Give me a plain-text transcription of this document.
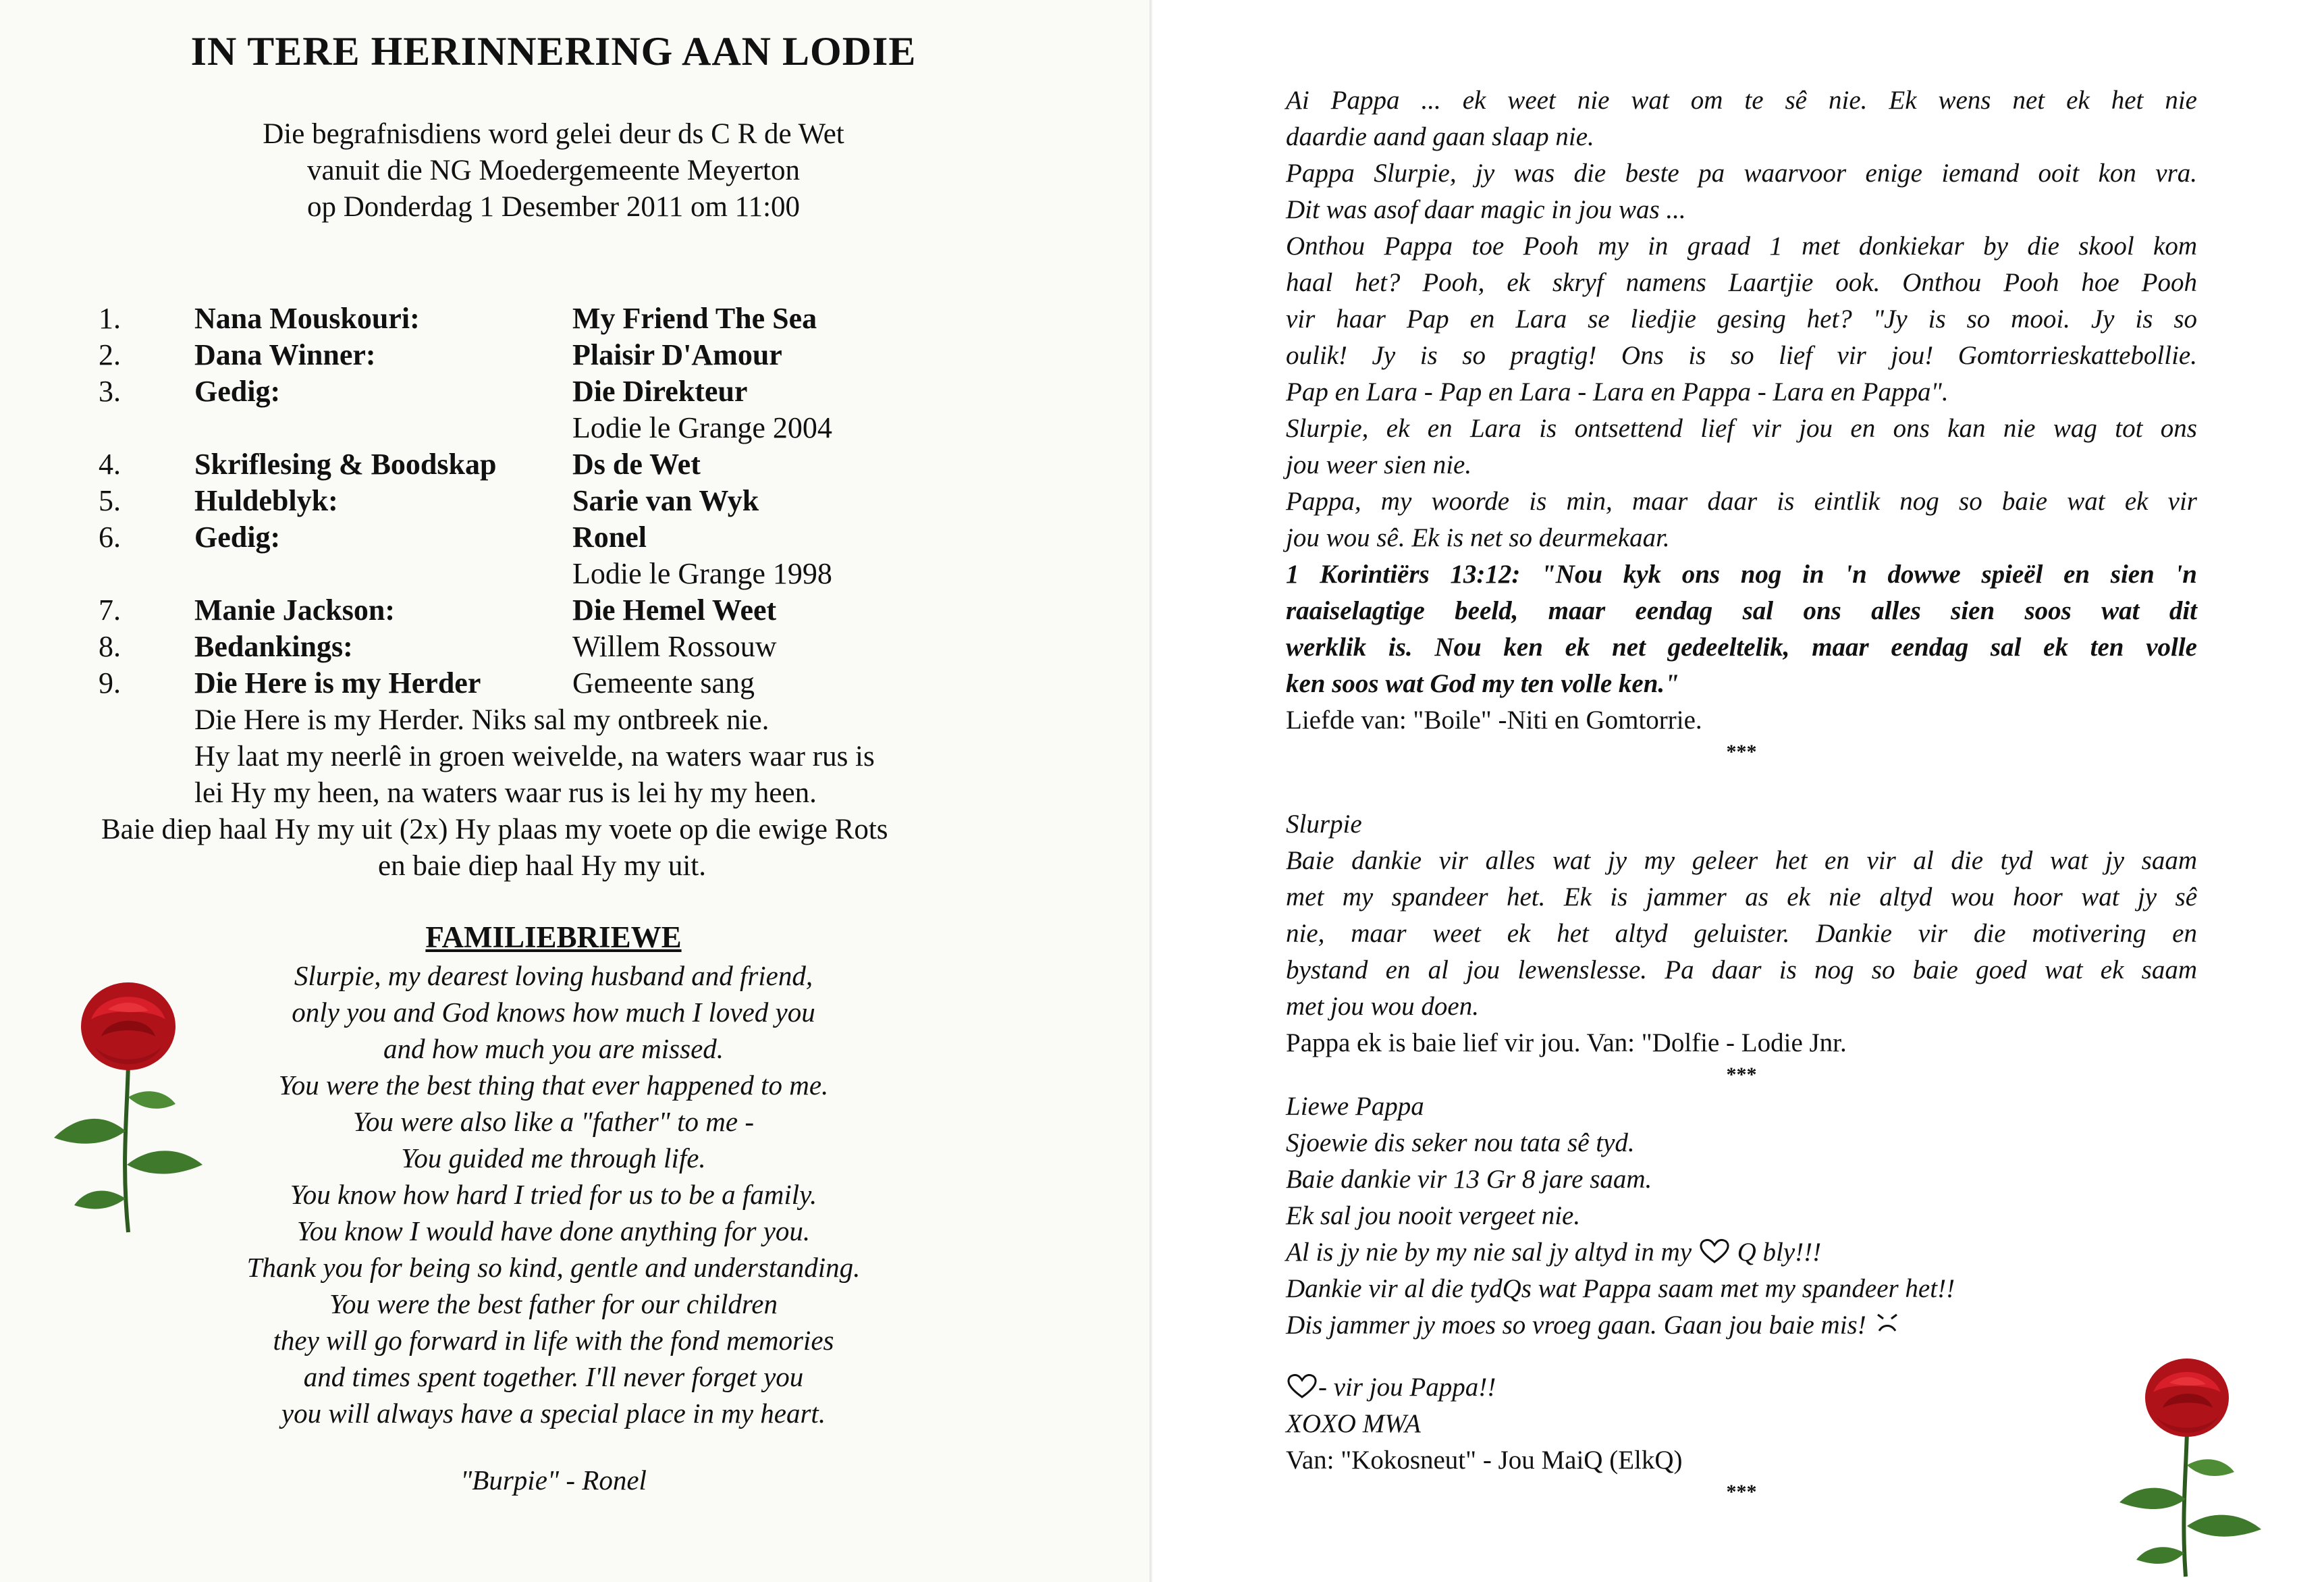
IN TERE HERINNERING AAN LODIE
Die begrafnisdiens word gelei deur ds C R de Wet
vanuit die NG Moedergemeente Meyerton
op Donderdag 1 Desember 2011 om 11:00
1. Nana Mouskouri:	My Friend The Sea
2. Dana Winner:	Plaisir D'Amour
3. Gedig:	Die Direkteur
Lodie le Grange 2004
4. Skriflesing & Boodskap	Ds de Wet
5. Huldeblyk:	Sarie van Wyk
6. Gedig:	Ronel
Lodie le Grange 1998
7. Manie Jackson:	Die Hemel Weet
8. Bedankings:	Willem Rossouw
9. Die Here is my Herder	Gemeente sang
Die Here is my Herder. Niks sal my ontbreek nie.
Hy laat my neerlê in groen weivelde, na waters waar rus is
lei Hy my heen, na waters waar rus is lei hy my heen.
Baie diep haal Hy my uit (2x) Hy plaas my voete op die ewige Rots
en baie diep haal Hy my uit.
FAMILIEBRIEWE
Slurpie, my dearest loving husband and friend,
only you and God knows how much I loved you
and how much you are missed.
You were the best thing that ever happened to me.
You were also like a "father" to me -
You guided me through life.
You know how hard I tried for us to be a family.
You know I would have done anything for you.
Thank you for being so kind, gentle and understanding.
You were the best father for our children
they will go forward in life with the fond memories
and times spent together. I'll never forget you
you will always have a special place in my heart.
"Burpie" - Ronel
Ai Pappa ... ek weet nie wat om te sê nie. Ek wens net ek het nie
daardie aand gaan slaap nie.
Pappa Slurpie, jy was die beste pa waarvoor enige iemand ooit kon vra.
Dit was asof daar magic in jou was ...
Onthou Pappa toe Pooh my in graad 1 met donkiekar by die skool kom
haal het? Pooh, ek skryf namens Laartjie ook. Onthou Pooh hoe Pooh
vir haar Pap en Lara se liedjie gesing het? "Jy is so mooi. Jy is so
oulik! Jy is so pragtig! Ons is so lief vir jou! Gomtorrieskattebollie.
Pap en Lara - Pap en Lara - Lara en Pappa - Lara en Pappa".
Slurpie, ek en Lara is ontsettend lief vir jou en ons kan nie wag tot ons
jou weer sien nie.
Pappa, my woorde is min, maar daar is eintlik nog so baie wat ek vir
jou wou sê. Ek is net so deurmekaar.
1 Korintiërs 13:12: "Nou kyk ons nog in 'n dowwe spieël en sien 'n
raaiselagtige beeld, maar eendag sal ons alles sien soos wat dit
werklik is. Nou ken ek net gedeeltelik, maar eendag sal ek ten volle
ken soos wat God my ten volle ken."
Liefde van: "Boile" -Niti en Gomtorrie.
***
Slurpie
Baie dankie vir alles wat jy my geleer het en vir al die tyd wat jy saam
met my spandeer het. Ek is jammer as ek nie altyd wou hoor wat jy sê
nie, maar weet ek het altyd geluister. Dankie vir die motivering en
bystand en al jou lewenslesse. Pa daar is nog so baie goed wat ek saam
met jou wou doen.
Pappa ek is baie lief vir jou. Van: "Dolfie - Lodie Jnr.
***
Liewe Pappa
Sjoewie dis seker nou tata sê tyd.
Baie dankie vir 13 Gr 8 jare saam.
Ek sal jou nooit vergeet nie.
Al is jy nie by my nie sal jy altyd in my Q bly!!!
Dankie vir al die tydQs wat Pappa saam met my spandeer het!!
Dis jammer jy moes so vroeg gaan. Gaan jou baie mis!
- vir jou Pappa!!
XOXO MWA
Van: "Kokosneut" - Jou MaiQ (ElkQ)
***
